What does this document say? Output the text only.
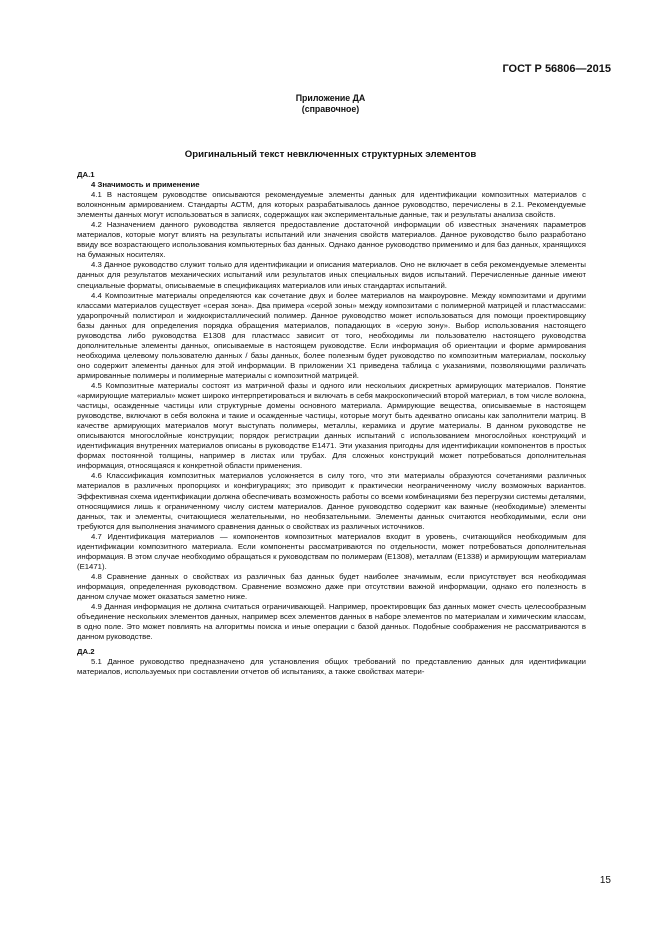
ГОСТ Р 56806—2015
Приложение ДА
(справочное)
Оригинальный текст невключенных структурных элементов

ДА.1

4 Значимость и применение

4.1 В настоящем руководстве описываются рекомендуемые элементы данных для идентификации композитных материалов с волокнонным армированием. Стандарты АСТМ, для которых разрабатывалось данное руководство, перечислены в 2.1. Рекомендуемые элементы данных могут использоваться в записях, содержащих как экспериментальные данные, так и результаты анализа свойств.

4.2 Назначением данного руководства является предоставление достаточной информации об известных значениях параметров материалов, которые могут влиять на результаты испытаний или значения свойств материалов. Данное руководство было разработано ввиду все возрастающего использования компьютерных баз данных. Однако данное руководство применимо и для баз данных, хранящихся на бумажных носителях.

4.3 Данное руководство служит только для идентификации и описания материалов. Оно не включает в себя рекомендуемые элементы данных для результатов механических испытаний или результатов иных специальных видов испытаний. Перечисленные данные имеют специальные форматы, описываемые в спецификациях материалов или иных стандартах испытаний.

4.4 Композитные материалы определяются как сочетание двух и более материалов на макроуровне. Между композитами и другими классами материалов существует «серая зона». Два примера «серой зоны» между композитами с полимерной матрицей и пластмассами: ударопрочный полистирол и жидкокристаллический полимер. Данное руководство может использоваться для помощи проектировщику базы данных для определения порядка обращения материалов, попадающих в «серую зону». Выбор использования настоящего руководства либо руководства E1308 для пластмасс зависит от того, необходимы ли пользователю настоящего руководства дополнительные элементы данных, описываемые в настоящем руководстве. Если информация об ориентации и форме армирования необходима целевому пользователю данных / базы данных, более полезным будет руководство по композитным материалам, поскольку оно содержит элементы данных для этой информации. В приложении X1 приведена таблица с указаниями, позволяющими различать армированные полимеры и полимерные материалы с композитной матрицей.

4.5 Композитные материалы состоят из матричной фазы и одного или нескольких дискретных армирующих материалов. Понятие «армирующие материалы» может широко интерпретироваться и включать в себя макроскопический второй материал, в том числе волокна, частицы, осажденные частицы или структурные домены основного материала. Армирующие вещества, описываемые в настоящем руководстве, включают в себя волокна и такие и осажденные частицы, которые могут быть адекватно описаны как заполнители матриц. В качестве армирующих материалов могут выступать полимеры, металлы, керамика и другие материалы. В данном руководстве не описываются многослойные конструкции; порядок регистрации данных испытаний с использованием многослойных конструкций и идентификация внутренних материалов описаны в руководстве E1471. Эти указания пригодны для идентификации компонентов в простых формах постоянной толщины, например в листах или трубах. Для сложных конструкций может потребоваться дополнительная информация, относящаяся к конкретной области применения.

4.6 Классификация композитных материалов усложняется в силу того, что эти материалы образуются сочетаниями различных материалов в различных пропорциях и конфигурациях; это приводит к практически неограниченному числу возможных вариантов. Эффективная схема идентификации должна обеспечивать возможность работы со всеми комбинациями без перегрузки системы деталями, относящимися лишь к ограниченному числу систем материалов. Данное руководство содержит как важные (необходимые) элементы данных, так и элементы, считающиеся желательными, но необязательными. Элементы данных считаются необходимыми, если они требуются для выполнения значимого сравнения данных о свойствах из различных источников.

4.7 Идентификация материалов — компонентов композитных материалов входит в уровень, считающийся необходимым для идентификации композитного материала. Если компоненты рассматриваются по отдельности, может потребоваться дополнительная информация. В этом случае необходимо обращаться к руководствам по полимерам (E1308), металлам (E1338) и армирующим материалам (E1471).

4.8 Сравнение данных о свойствах из различных баз данных будет наиболее значимым, если присутствует вся необходимая информация, определенная руководством. Сравнение возможно даже при отсутствии важной информации, однако его полезность в данном случае может оказаться заметно ниже.

4.9 Данная информация не должна считаться ограничивающей. Например, проектировщик баз данных может счесть целесообразным объединение нескольких элементов данных, например всех элементов данных в наборе элементов по материалам и химическим классам, в одно поле. Это может повлиять на алгоритмы поиска и иные операции с базой данных. Подобные соображения не рассматриваются в данном руководстве.

ДА.2

5.1 Данное руководство предназначено для установления общих требований по представлению данных для идентификации материалов, используемых при составлении отчетов об испытаниях, а также свойствах матери-

15
